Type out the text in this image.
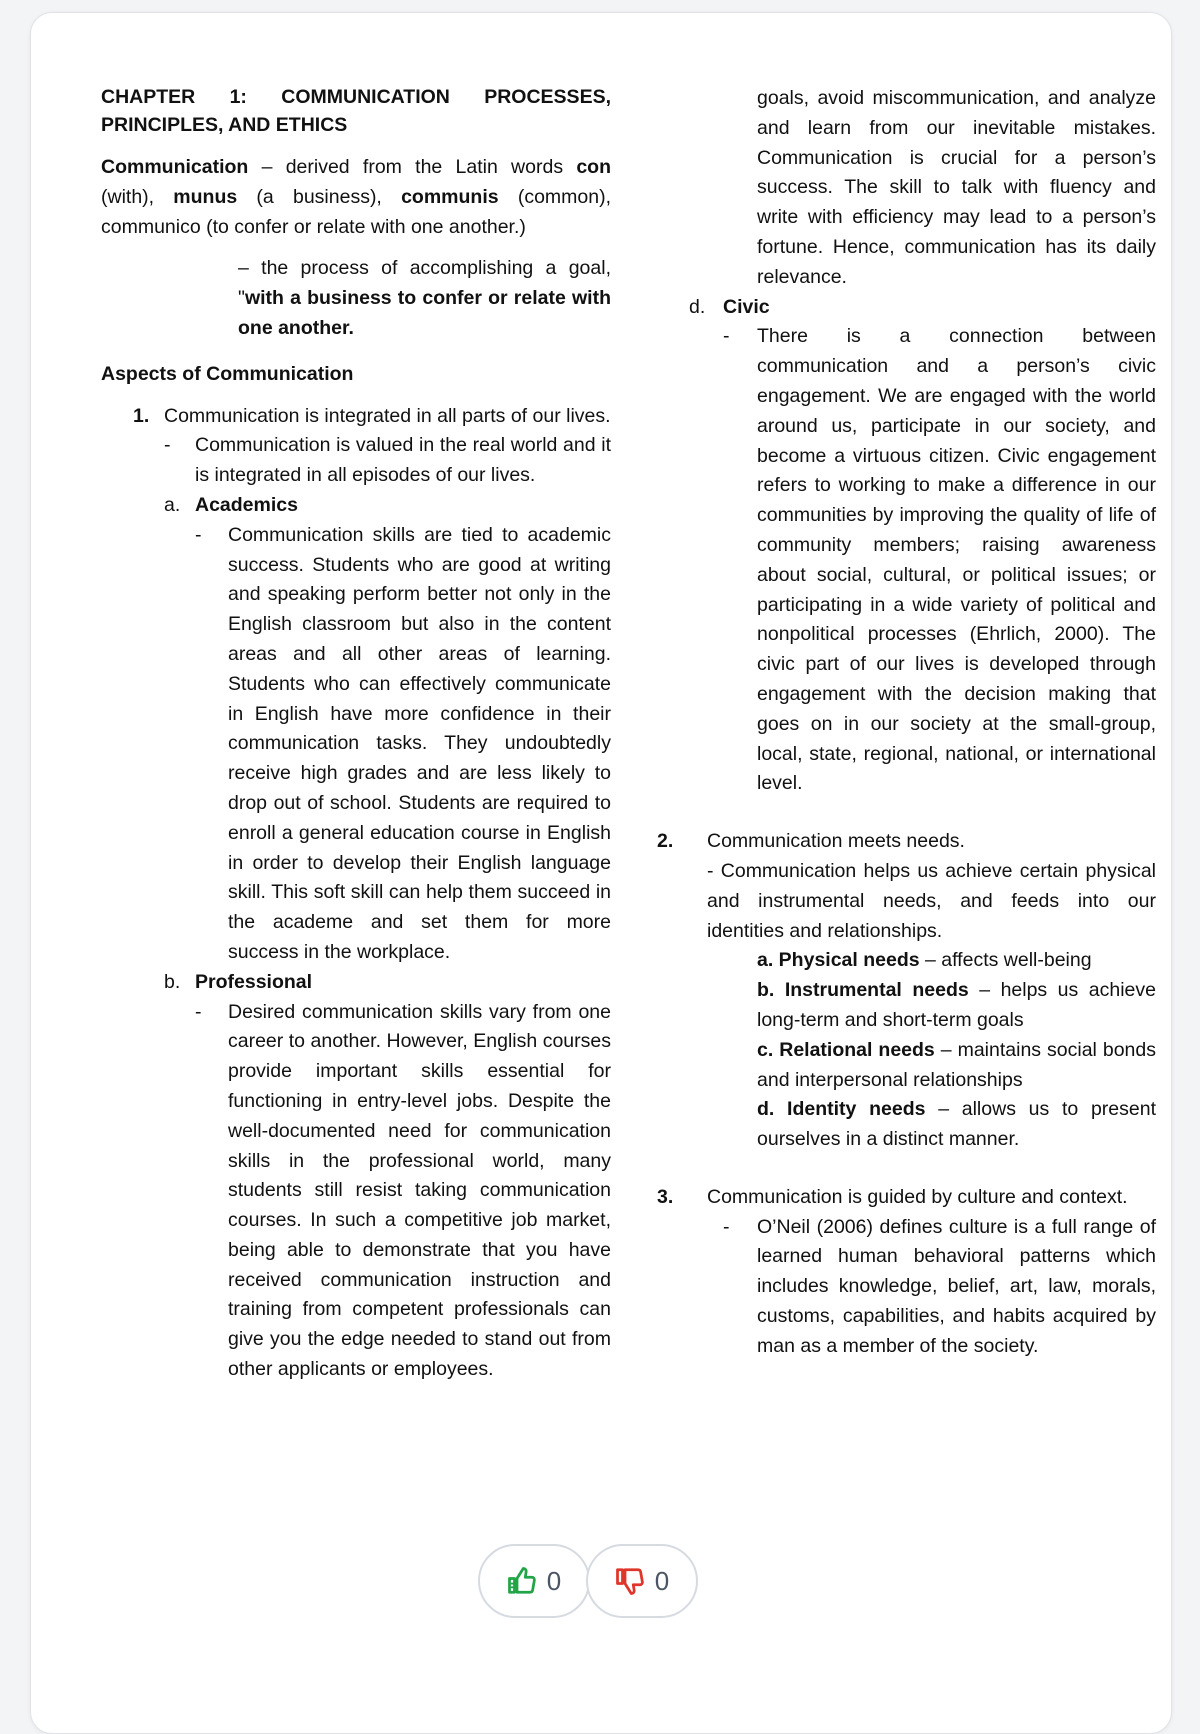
CHAPTER 1: COMMUNICATION PROCESSES, PRINCIPLES, AND ETHICS

Communication – derived from the Latin words con (with), munus (a business), communis (common), communico (to confer or relate with one another.)

– the process of accomplishing a goal, "with a business to confer or relate with one another.

Aspects of Communication

1. Communication is integrated in all parts of our lives.
-	Communication is valued in the real world and it is integrated in all episodes of our lives.
a. Academics
-	Communication skills are tied to academic success. Students who are good at writing and speaking perform better not only in the English classroom but also in the content areas and all other areas of learning. Students who can effectively communicate in English have more confidence in their communication tasks. They undoubtedly receive high grades and are less likely to drop out of school. Students are required to enroll a general education course in English in order to develop their English language skill. This soft skill can help them succeed in the academe and set them for more success in the workplace.
b. Professional
-	Desired communication skills vary from one career to another. However, English courses provide important skills essential for functioning in entry-level jobs. Despite the well-documented need for communication skills in the professional world, many students still resist taking communication courses. In such a competitive job market, being able to demonstrate that you have received communication instruction and training from competent professionals can give you the edge needed to stand out from other applicants or employees.

goals, avoid miscommunication, and analyze and learn from our inevitable mistakes. Communication is crucial for a person’s success. The skill to talk with fluency and write with efficiency may lead to a person’s fortune. Hence, communication has its daily relevance.

d. Civic
-	There is a connection between communication and a person’s civic engagement. We are engaged with the world around us, participate in our society, and become a virtuous citizen. Civic engagement refers to working to make a difference in our communities by improving the quality of life of community members; raising awareness about social, cultural, or political issues; or participating in a wide variety of political and nonpolitical processes (Ehrlich, 2000). The civic part of our lives is developed through engagement with the decision making that goes on in our society at the small-group, local, state, regional, national, or international level.
2.	Communication meets needs.

- Communication helps us achieve certain physical and instrumental needs, and feeds into our identities and relationships.

a. Physical needs – affects well-being

b. Instrumental needs – helps us achieve long-term and short-term goals

c. Relational needs – maintains social bonds and interpersonal relationships

d. Identity needs – allows us to present ourselves in a distinct manner.

3.	Communication is guided by culture and context.
-	O’Neil (2006) defines culture is a full range of learned human behavioral patterns which includes knowledge, belief, art, law, morals, customs, capabilities, and habits acquired by man as a member of the society.
0	0
